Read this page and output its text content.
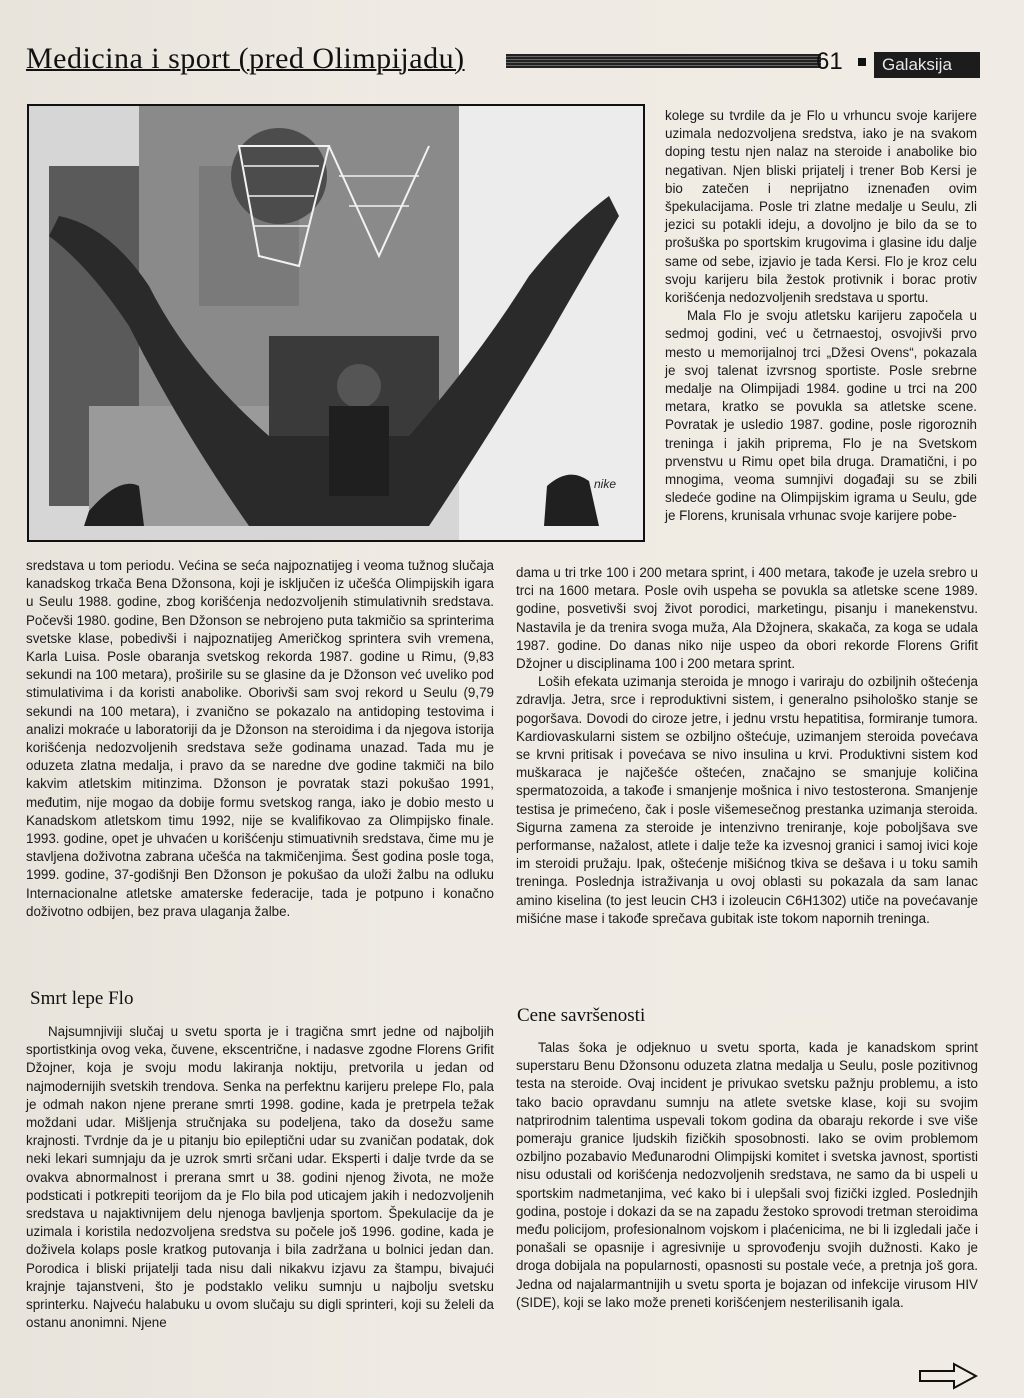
Medicina i sport (pred Olimpijadu)	61	Galaksija
nike

kolege su tvrdile da je Flo u vrhuncu svoje karijere uzimala nedozvoljena sredstva, iako je na svakom doping testu njen nalaz na steroide i anabolike bio negativan. Njen bliski prijatelj i trener Bob Kersi je bio zatečen i neprijatno iznenađen ovim špekulacijama. Posle tri zlatne medalje u Seulu, zli jezici su potakli ideju, a dovoljno je bilo da se to prošuška po sportskim krugovima i glasine idu dalje same od sebe, izjavio je tada Kersi. Flo je kroz celu svoju karijeru bila žestok protivnik i borac protiv korišćenja nedozvoljenih sredstava u sportu.

Mala Flo je svoju atletsku karijeru započela u sedmoj godini, već u četrnaestoj, osvojivši prvo mesto u memorijalnoj trci „Džesi Ovens“, pokazala je svoj talenat izvrsnog sportiste. Posle srebrne medalje na Olimpijadi 1984. godine u trci na 200 metara, kratko se povukla sa atletske scene. Povratak je usledio 1987. godine, posle rigoroznih treninga i jakih priprema, Flo je na Svetskom prvenstvu u Rimu opet bila druga. Dramatični, i po mnogima, veoma sumnjivi događaji su se zbili sledeće godine na Olimpijskim igrama u Seulu, gde je Florens, krunisala vrhunac svoje karijere pobe-

sredstava u tom periodu. Većina se seća najpoznatijeg i veoma tužnog slučaja kanadskog trkača Bena Džonsona, koji je isključen iz učešća Olimpijskih igara u Seulu 1988. godine, zbog korišćenja nedozvoljenih stimulativnih sredstava. Počevši 1980. godine, Ben Džonson se nebrojeno puta takmičio sa sprinterima svetske klase, pobedivši i najpoznatijeg Američkog sprintera svih vremena, Karla Luisa. Posle obaranja svetskog rekorda 1987. godine u Rimu, (9,83 sekundi na 100 metara), proširile su se glasine da je Džonson već uveliko pod stimulativima i da koristi anabolike. Oborivši sam svoj rekord u Seulu (9,79 sekundi na 100 metara), i zvanično se pokazalo na antidoping testovima i analizi mokraće u laboratoriji da je Džonson na steroidima i da njegova istorija korišćenja nedozvoljenih sredstava seže godinama unazad. Tada mu je oduzeta zlatna medalja, i pravo da se naredne dve godine takmiči na bilo kakvim atletskim mitinzima. Džonson je povratak stazi pokušao 1991, međutim, nije mogao da dobije formu svetskog ranga, iako je dobio mesto u Kanadskom atletskom timu 1992, nije se kvalifikovao za Olimpijsko finale. 1993. godine, opet je uhvaćen u korišćenju stimuativnih sredstava, čime mu je stavljena doživotna zabrana učešća na takmičenjima. Šest godina posle toga, 1999. godine, 37-godišnji Ben Džonson je pokušao da uloži žalbu na odluku Internacionalne atletske amaterske federacije, tada je potpuno i konačno doživotno odbijen, bez prava ulaganja žalbe.

Smrt lepe Flo

Najsumnjiviji slučaj u svetu sporta je i tragična smrt jedne od najboljih sportistkinja ovog veka, čuvene, ekscentrične, i nadasve zgodne Florens Grifit Džojner, koja je svoju modu lakiranja noktiju, pretvorila u jedan od najmodernijih svetskih trendova. Senka na perfektnu karijeru prelepe Flo, pala je odmah nakon njene prerane smrti 1998. godine, kada je pretrpela težak moždani udar. Mišljenja stručnjaka su podeljena, tako da dosežu same krajnosti. Tvrdnje da je u pitanju bio epileptični udar su zvaničan podatak, dok neki lekari sumnjaju da je uzrok smrti srčani udar. Eksperti i dalje tvrde da se ovakva abnormalnost i prerana smrt u 38. godini njenog života, ne može podsticati i potkrepiti teorijom da je Flo bila pod uticajem jakih i nedozvoljenih sredstava u najaktivnijem delu njenoga bavljenja sportom. Špekulacije da je uzimala i koristila nedozvoljena sredstva su počele još 1996. godine, kada je doživela kolaps posle kratkog putovanja i bila zadržana u bolnici jedan dan. Porodica i bliski prijatelji tada nisu dali nikakvu izjavu za štampu, bivajući krajnje tajanstveni, što je podstaklo veliku sumnju u najbolju svetsku sprinterku. Najveću halabuku u ovom slučaju su digli sprinteri, koji su želeli da ostanu anonimni. Njene

dama u tri trke 100 i 200 metara sprint, i 400 metara, takođe je uzela srebro u trci na 1600 metara. Posle ovih uspeha se povukla sa atletske scene 1989. godine, posvetivši svoj život porodici, marketingu, pisanju i manekenstvu. Nastavila je da trenira svoga muža, Ala Džojnera, skakača, za koga se udala 1987. godine. Do danas niko nije uspeo da obori rekorde Florens Grifit Džojner u disciplinama 100 i 200 metara sprint.

Loših efekata uzimanja steroida je mnogo i variraju do ozbiljnih oštećenja zdravlja. Jetra, srce i reproduktivni sistem, i generalno psihološko stanje se pogoršava. Dovodi do ciroze jetre, i jednu vrstu hepatitisa, formiranje tumora. Kardiovaskularni sistem se ozbiljno oštećuje, uzimanjem steroida povećava se krvni pritisak i povećava se nivo insulina u krvi. Produktivni sistem kod muškaraca je najčešće oštećen, značajno se smanjuje količina spermatozoida, a takođe i smanjenje mošnica i nivo testosterona. Smanjenje testisa je primećeno, čak i posle višemesečnog prestanka uzimanja steroida. Sigurna zamena za steroide je intenzivno treniranje, koje poboljšava sve performanse, nažalost, atlete i dalje teže ka izvesnoj granici i samoj ivici koje im steroidi pružaju. Ipak, oštećenje mišićnog tkiva se dešava i u toku samih treninga. Poslednja istraživanja u ovoj oblasti su pokazala da sam lanac amino kiselina (to jest leucin CH3 i izoleucin C6H1302) utiče na povećavanje mišićne mase i takođe sprečava gubitak iste tokom napornih treninga.

Cene savršenosti

Talas šoka je odjeknuo u svetu sporta, kada je kanadskom sprint superstaru Benu Džonsonu oduzeta zlatna medalja u Seulu, posle pozitivnog testa na steroide. Ovaj incident je privukao svetsku pažnju problemu, a isto tako bacio opravdanu sumnju na atlete svetske klase, koji su svojim natprirodnim talentima uspevali tokom godina da obaraju rekorde i sve više pomeraju granice ljudskih fizičkih sposobnosti. Iako se ovim problemom ozbiljno pozabavio Međunarodni Olimpijski komitet i svetska javnost, sportisti nisu odustali od korišćenja nedozvoljenih sredstava, ne samo da bi uspeli u sportskim nadmetanjima, već kako bi i ulepšali svoj fizički izgled. Poslednjih godina, postoje i dokazi da se na zapadu žestoko sprovodi tretman steroidima među policijom, profesionalnom vojskom i plaćenicima, ne bi li izgledali jače i ponašali se opasnije i agresivnije u sprovođenju svojih dužnosti. Kako je droga dobijala na popularnosti, opasnosti su postale veće, a pretnja još gora. Jedna od najalarmantnijih u svetu sporta je bojazan od infekcije virusom HIV (SIDE), koji se lako može preneti korišćenjem nesterilisanih igala.
